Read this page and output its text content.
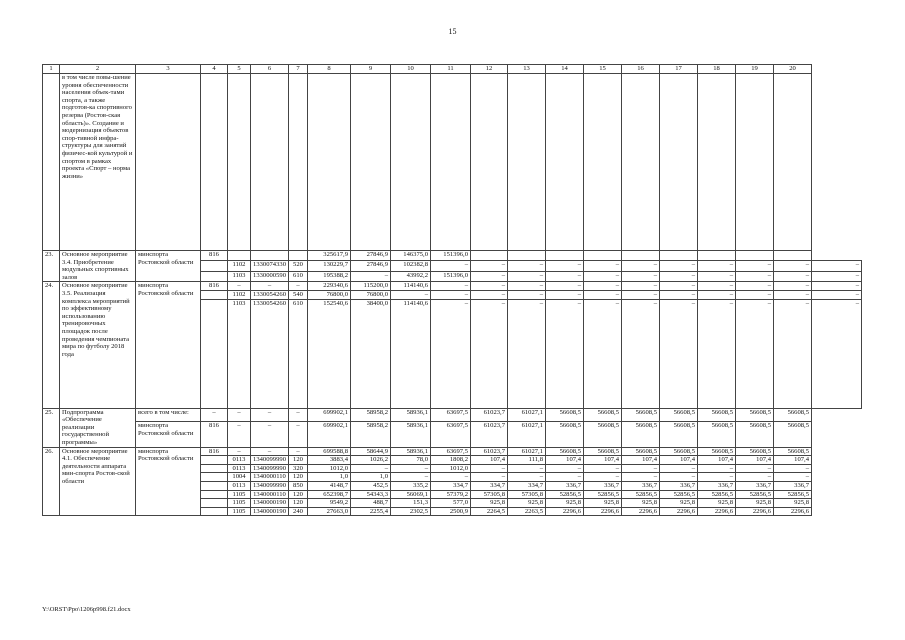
15
1	2	3	4	5	6	7	8	9	10	11	12	13	14	15	16	17	18	19	20	
	в том числе повы-шение уровня обеспеченности населения объек-тами спорта, а также подготов-ка спортивного резерва (Ростов-ская область)». Создание и модернизация объектов спор-тивной инфра-структуры для занятий физичес-кой культурой и спортом в рамках проекта «Спорт – норма жизни»																			
23.	Основное мероприятие 3.4. Приобретение модульных спортивных залов	минспорта Ростовской области	816				325617,9	27846,9	146375,0	151396,0										
				1102	1330074330	520	130229,7	27846,9	102382,8	–	–	–	–	–	–	–	–	–	–	–
				1103	1330000590	610	195388,2	–	43992,2	151396,0	–	–	–	–	–	–	–	–	–	–
24.	Основное мероприятие 3.5. Реализация комплекса мероприятий по эффективному использованию тренировочных площадок после проведения чемпионата мира по футболу 2018 года	минспорта Ростовской области	816	–	–	–	229340,6	115200,0	114140,6	–	–	–	–	–	–	–	–	–	–	–
				1102	1330054260	540	76800,0	76800,0	–	–	–	–	–	–	–	–	–	–	–	–
				1103	1330054260	610	152540,6	38400,0	114140,6	–	–	–	–	–	–	–	–	–	–	–
25.	Подпрограмма «Обеспечение реализации государственной программы»	всего в том числе:	–	–	–	–	699902,1	58958,2	58936,1	63697,5	61023,7	61027,1	56608,5	56608,5	56608,5	56608,5	56608,5	56608,5	56608,5	
		минспорта Ростовской области	816	–	–	–	699902,1	58958,2	58936,1	63697,5	61023,7	61027,1	56608,5	56608,5	56608,5	56608,5	56608,5	56608,5	56608,5	
26.	Основное мероприятие 4.1. Обеспечение деятельности аппарата мин-спорта Ростов-ской области	минспорта Ростовской области	816	–	–	–	699588,8	58644,9	58936,1	63697,5	61023,7	61027,1	56608,5	56608,5	56608,5	56608,5	56608,5	56608,5	56608,5	
				0113	1340099990	120	3883,4	1026,2	78,0	1808,2	107,4	111,8	107,4	107,4	107,4	107,4	107,4	107,4	107,4	
				0113	1340099990	320	1012,0	–	–	1012,0	–	–	–	–	–	–	–	–	–	
				1004	1340000110	120	1,0	1,0	–	–	–	–	–	–	–	–	–	–	–	
				0113	1340099990	850	4148,7	452,5	335,2	334,7	334,7	334,7	336,7	336,7	336,7	336,7	336,7	336,7	336,7	
				1105	1340000110	120	652398,7	54343,3	56069,1	57379,2	57305,8	57305,8	52856,5	52856,5	52856,5	52856,5	52856,5	52856,5	52856,5	
				1105	1340000190	120	9549,2	488,7	151,3	577,0	925,8	925,8	925,8	925,8	925,8	925,8	925,8	925,8	925,8	
				1105	1340000190	240	27663,0	2255,4	2302,5	2500,9	2264,5	2263,5	2296,6	2296,6	2296,6	2296,6	2296,6	2296,6	2296,6	
Y:\ORST\Ppo\1206p998.f21.docx
